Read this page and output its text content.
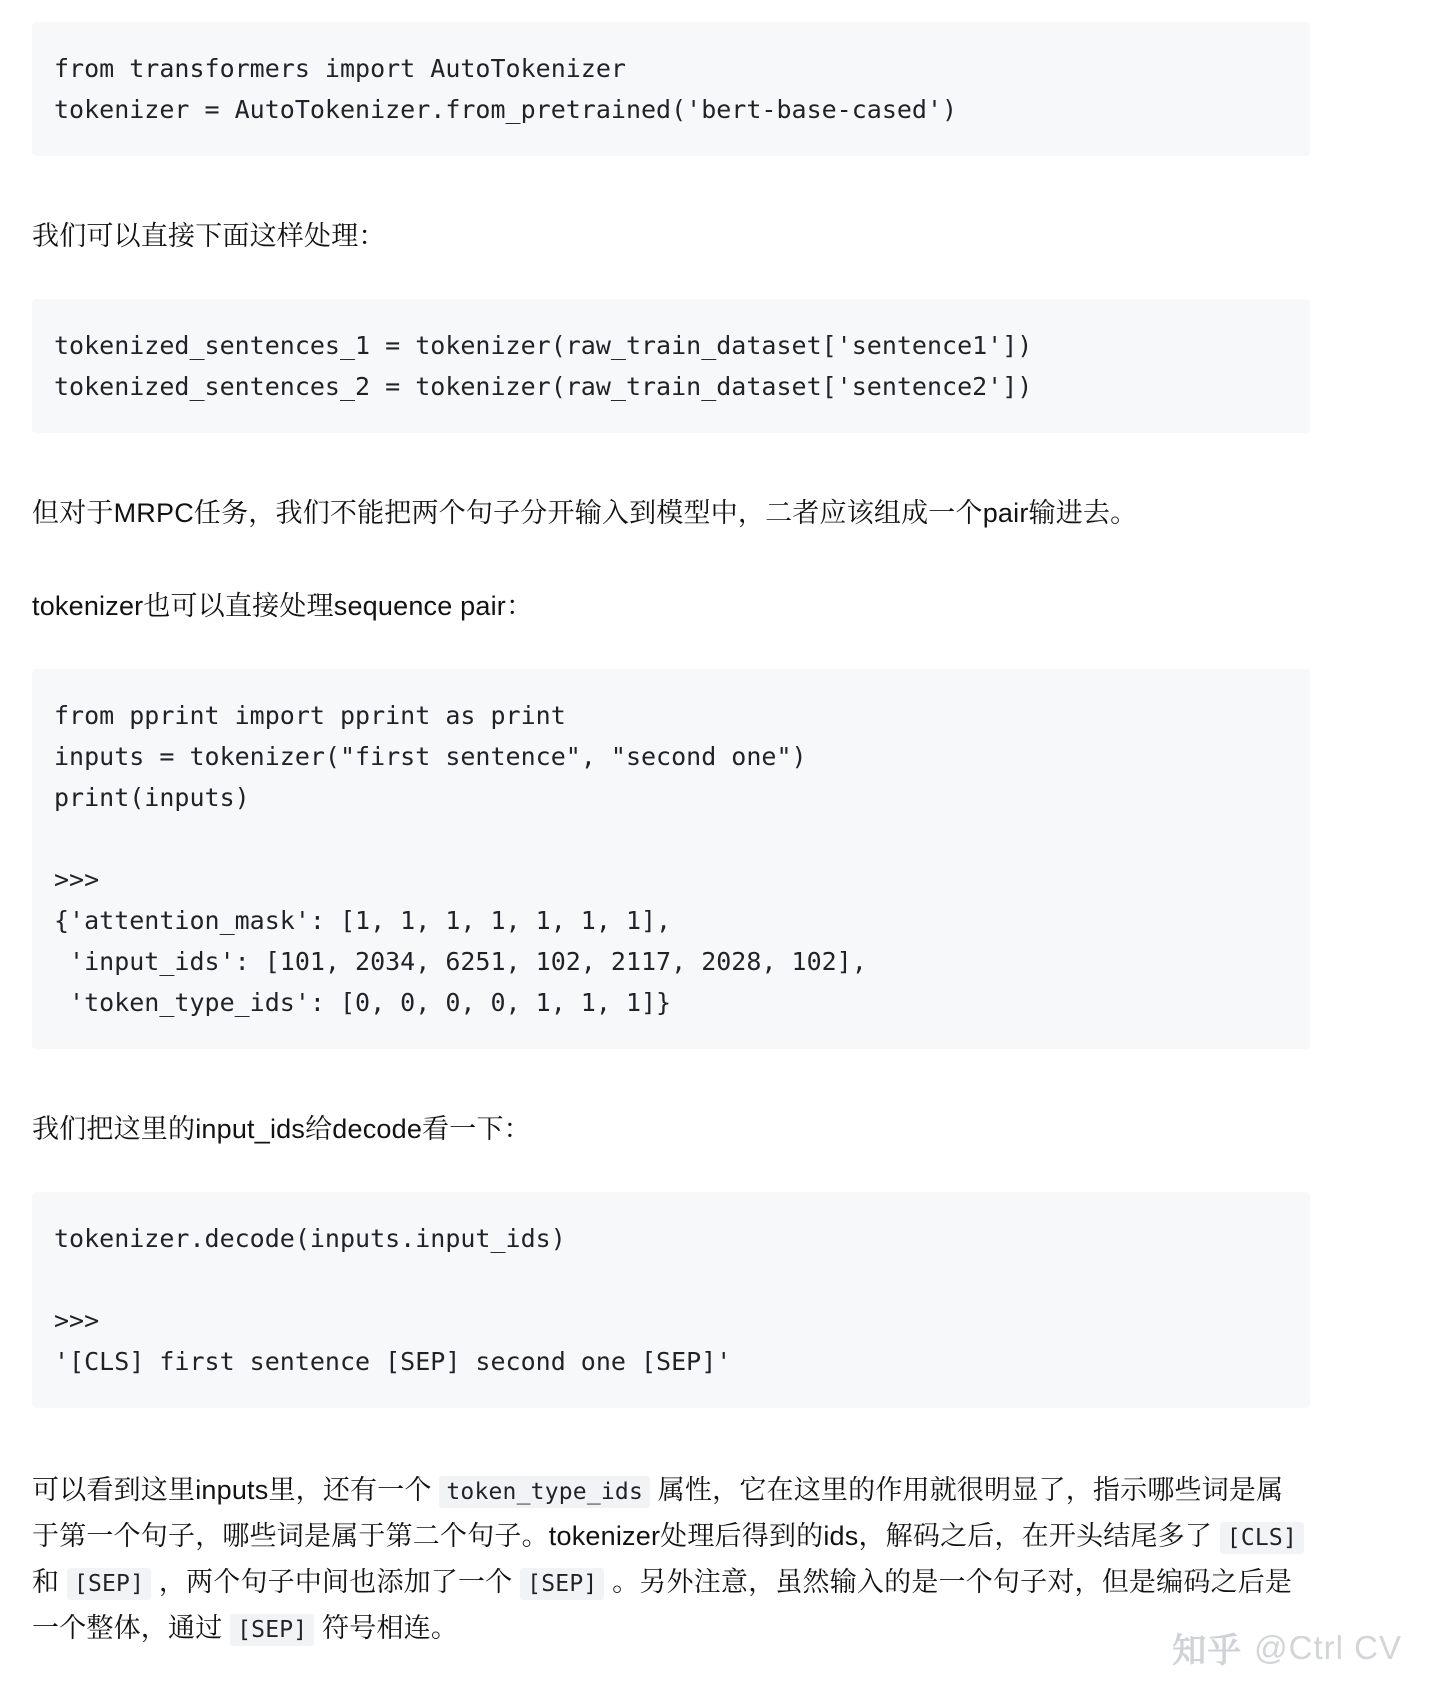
from transformers import AutoTokenizer
tokenizer = AutoTokenizer.from_pretrained('bert-base-cased')
我们可以直接下面这样处理：
tokenized_sentences_1 = tokenizer(raw_train_dataset['sentence1'])
tokenized_sentences_2 = tokenizer(raw_train_dataset['sentence2'])
但对于MRPC任务，我们不能把两个句子分开输入到模型中，二者应该组成一个pair输进去。
tokenizer也可以直接处理sequence pair：
from pprint import pprint as print
inputs = tokenizer("first sentence", "second one")
print(inputs)
>>>
{'attention_mask': [1, 1, 1, 1, 1, 1, 1],
'input_ids': [101, 2034, 6251, 102, 2117, 2028, 102],
'token_type_ids': [0, 0, 0, 0, 1, 1, 1]}
我们把这里的input_ids给decode看一下：
tokenizer.decode(inputs.input_ids)
>>>
'[CLS] first sentence [SEP] second one [SEP]'
可以看到这里inputs里，还有一个 token_type_ids 属性，它在这里的作用就很明显了，指示哪些词是属于第一个句子，哪些词是属于第二个句子。tokenizer处理后得到的ids，解码之后，在开头结尾多了 [CLS] 和 [SEP] ，两个句子中间也添加了一个 [SEP] 。另外注意，虽然输入的是一个句子对，但是编码之后是一个整体，通过 [SEP] 符号相连。
知乎 @Ctrl CV
